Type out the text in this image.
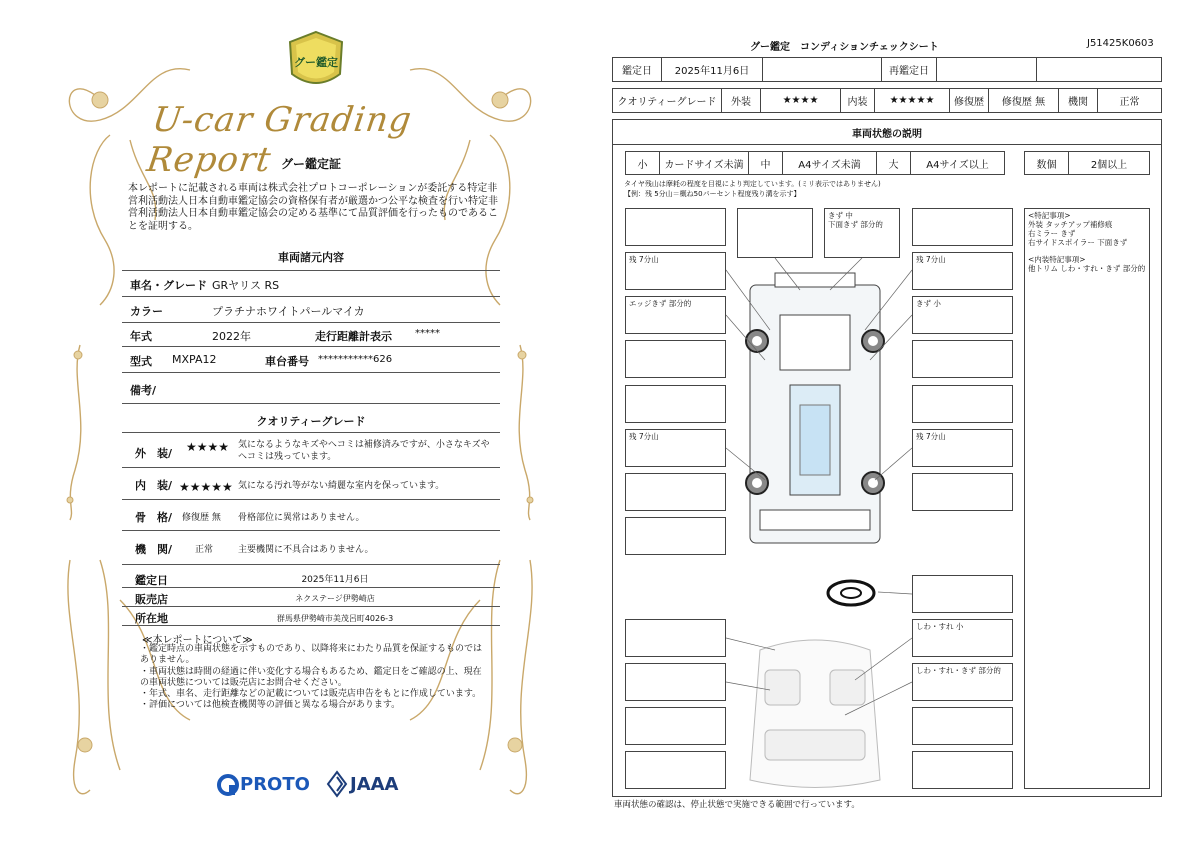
グー鑑定
U-car Grading Report グー鑑定証
本レポートに記載される車両は株式会社プロトコーポレーションが委託する特定非営利活動法人日本自動車鑑定協会の資格保有者が厳選かつ公平な検査を行い特定非営利活動法人日本自動車鑑定協会の定める基準にて品質評価を行ったものであることを証明する。
車両諸元内容
車名・グレード GRヤリス RS
カラー	プラチナホワイトパールマイカ
年式	2022年	走行距離計表示 *****
型式 MXPA12	車台番号 ***********626
備考/
クオリティーグレード
外　装/ ★★★★ 気になるようなキズやヘコミは補修済みですが、小さなキズやヘコミは残っています。
内　装/ ★★★★★ 気になる汚れ等がない綺麗な室内を保っています。
骨　格/ 修復歴 無 骨格部位に異常はありません。
機　関/	正常	主要機関に不具合はありません。
鑑定日	2025年11月6日
販売店	ネクステージ伊勢崎店
所在地	群馬県伊勢崎市美茂呂町4026-3
≪本レポートについて≫
・鑑定時点の車両状態を示すものであり、以降将来にわたり品質を保証するものではありません。
・車両状態は時間の経過に伴い変化する場合もあるため、鑑定日をご確認の上、現在の車両状態については販売店にお問合せください。
・年式、車名、走行距離などの記載については販売店申告をもとに作成しています。
・評価については他検査機関等の評価と異なる場合があります。
PROTO JAAA
グー鑑定　コンディションチェックシート	J51425K0603
鑑定日	2025年11月6日	再鑑定日
クオリティーグレード	外装	★★★★	内装	★★★★★	修復歴	修復歴 無	機関	正常
車両状態の説明
小	カードサイズ未満	中	A4サイズ未満	大	A4サイズ以上	数個	2個以上
タイヤ残山は摩耗の程度を目視により判定しています。(ミリ表示ではありません)
【例：残 5分山＝概ね50パーセント程度残り溝を示す】
残 7分山
エッジきず 部分的
残 7分山
きず 中
下面きず 部分的
残 7分山
きず 小
残 7分山
しわ・すれ 小
しわ・すれ・きず 部分的
<特記事項>
外装 タッチアップ補修痕
右ミラー きず
右サイドスポイラー 下面きず
<内装特記事項>
他トリム しわ・すれ・きず 部分的
車両状態の確認は、停止状態で実施できる範囲で行っています。
